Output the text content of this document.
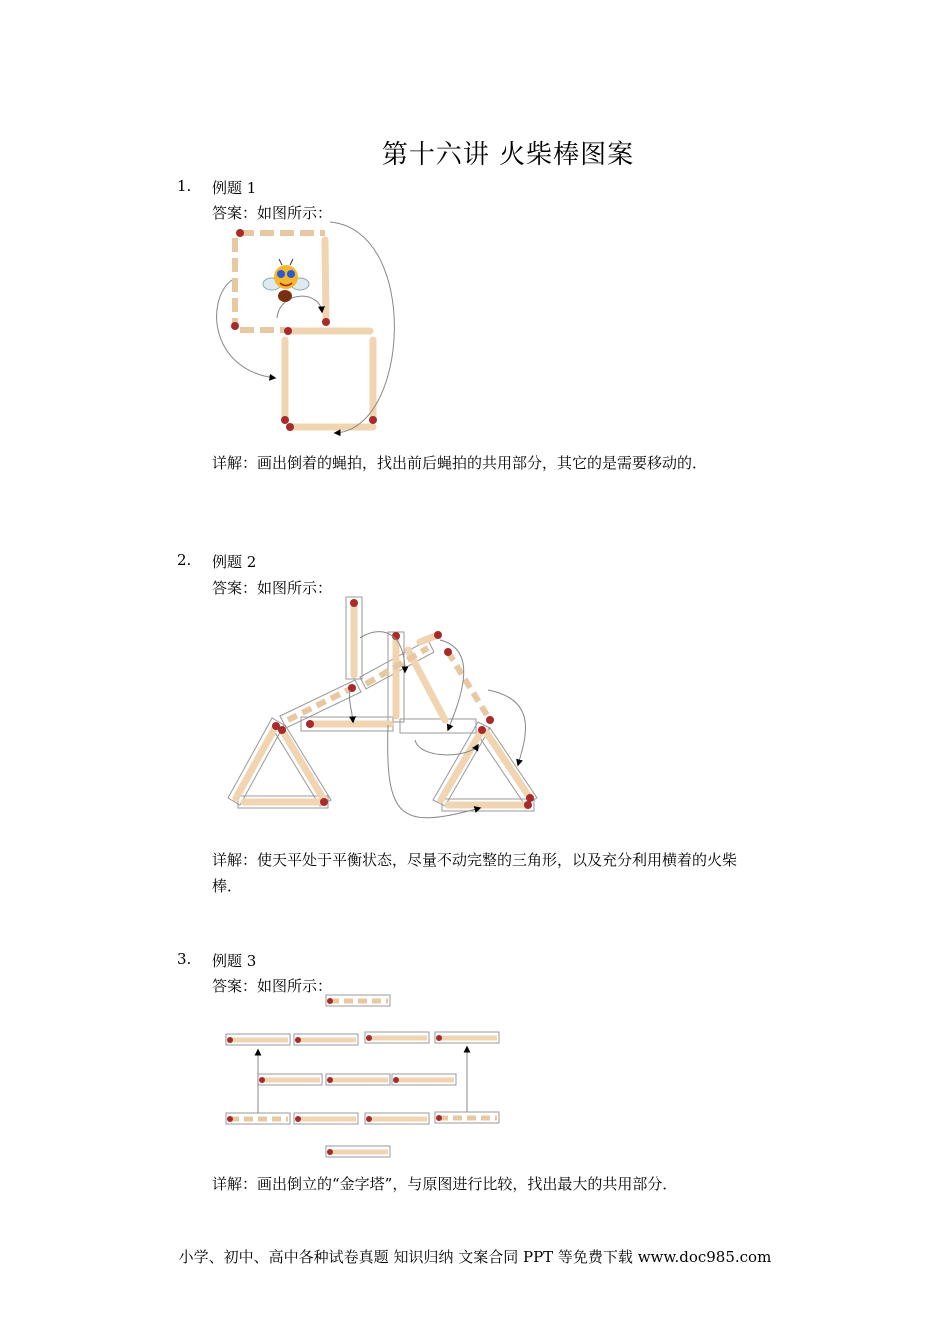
第十六讲 火柴棒图案
1. 例题 1
答案：如图所示：
详解：画出倒着的蝇拍，找出前后蝇拍的共用部分，其它的是需要移动的．
2. 例题 2
答案：如图所示：
详解：使天平处于平衡状态，尽量不动完整的三角形，以及充分利用横着的火柴
棒．
3. 例题 3
答案：如图所示：
详解：画出倒立的“金字塔”，与原图进行比较，找出最大的共用部分．
小学、初中、高中各种试卷真题 知识归纳 文案合同 PPT 等免费下载 www.doc985.com
